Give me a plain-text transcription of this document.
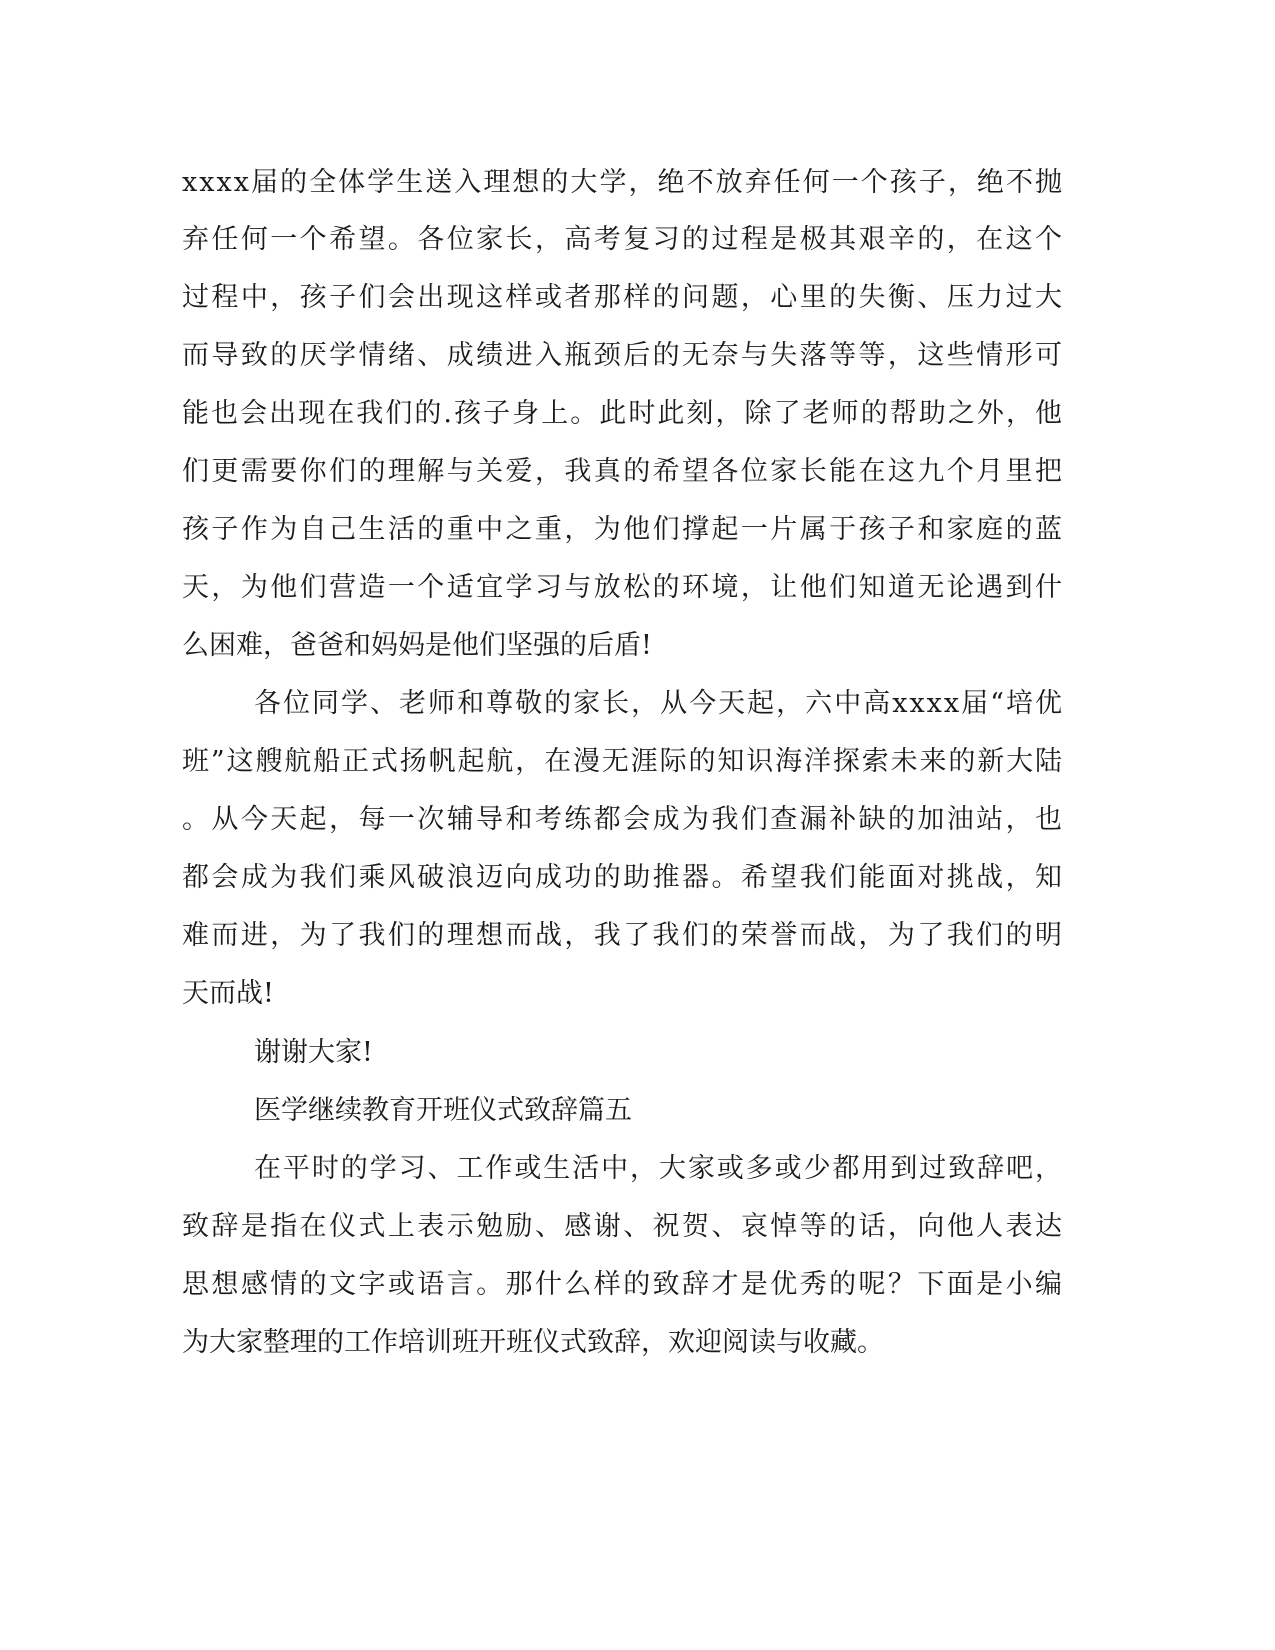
xxxx届的全体学生送入理想的大学，绝不放弃任何一个孩子，绝不抛
弃任何一个希望。各位家长，高考复习的过程是极其艰辛的，在这个
过程中，孩子们会出现这样或者那样的问题，心里的失衡、压力过大
而导致的厌学情绪、成绩进入瓶颈后的无奈与失落等等，这些情形可
能也会出现在我们的.孩子身上。此时此刻，除了老师的帮助之外，他
们更需要你们的理解与关爱，我真的希望各位家长能在这九个月里把
孩子作为自己生活的重中之重，为他们撑起一片属于孩子和家庭的蓝
天，为他们营造一个适宜学习与放松的环境，让他们知道无论遇到什
么困难，爸爸和妈妈是他们坚强的后盾!
各位同学、老师和尊敬的家长，从今天起，六中高xxxx届“培优
班”这艘航船正式扬帆起航，在漫无涯际的知识海洋探索未来的新大陆
。从今天起，每一次辅导和考练都会成为我们查漏补缺的加油站，也
都会成为我们乘风破浪迈向成功的助推器。希望我们能面对挑战，知
难而进，为了我们的理想而战，我了我们的荣誉而战，为了我们的明
天而战!
谢谢大家!
医学继续教育开班仪式致辞篇五
在平时的学习、工作或生活中，大家或多或少都用到过致辞吧，
致辞是指在仪式上表示勉励、感谢、祝贺、哀悼等的话，向他人表达
思想感情的文字或语言。那什么样的致辞才是优秀的呢？下面是小编
为大家整理的工作培训班开班仪式致辞，欢迎阅读与收藏。
